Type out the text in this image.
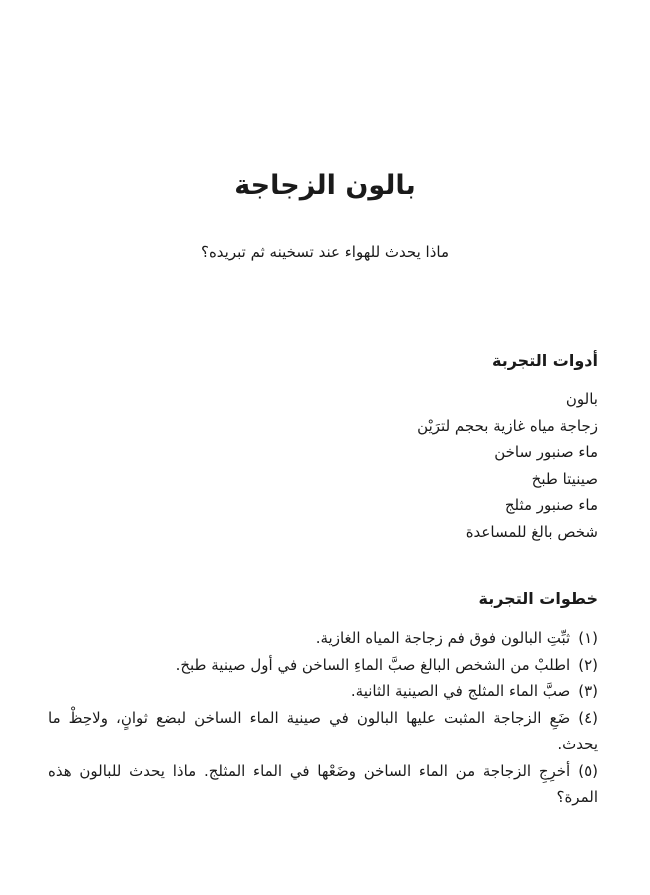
بالون الزجاجة

ماذا يحدث للهواء عند تسخينه ثم تبريده؟

أدوات التجربة
بالون
زجاجة مياه غازية بحجم لترَيْن
ماء صنبور ساخن
صينيتا طبخ
ماء صنبور مثلج
شخص بالغ للمساعدة
خطوات التجربة
(١)ثبِّتِ البالون فوق فم زجاجة المياه الغازية.
(٢)اطلبْ من الشخص البالغ صبَّ الماءِ الساخن في أول صينية طبخ.
(٣)صبَّ الماء المثلج في الصينية الثانية.
(٤)ضَعِ الزجاجة المثبت عليها البالون في صينية الماء الساخن لبضع ثوانٍ، ولاحِظْ ما يحدث.
(٥)أخرِجِ الزجاجة من الماء الساخن وضَعْها في الماء المثلج. ماذا يحدث للبالون هذه المرة؟
